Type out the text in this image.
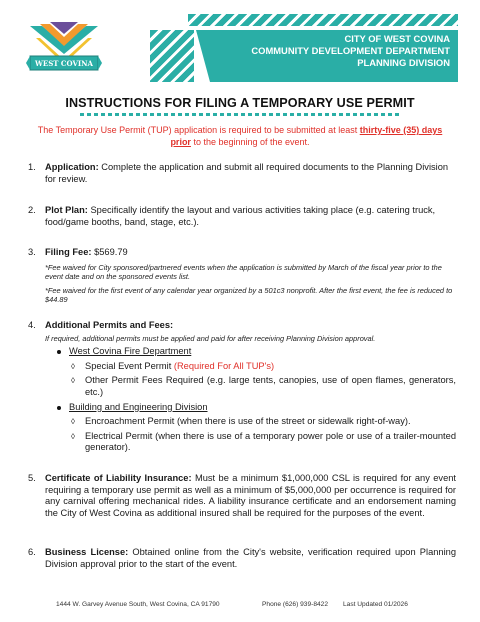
WEST COVINA
CITY OF WEST COVINA
COMMUNITY DEVELOPMENT DEPARTMENT
PLANNING DIVISION
INSTRUCTIONS FOR FILING A TEMPORARY USE PERMIT
The Temporary Use Permit (TUP) application is required to be submitted at least thirty-five (35) days prior to the beginning of the event.
1. Application: Complete the application and submit all required documents to the Planning Division for review.
2. Plot Plan: Specifically identify the layout and various activities taking place (e.g. catering truck, food/game booths, band, stage, etc.).
3. Filing Fee: $569.79
*Fee waived for City sponsored/partnered events when the application is submitted by March of the fiscal year prior to the event date and on the sponsored events list.
*Fee waived for the first event of any calendar year organized by a 501c3 nonprofit. After the first event, the fee is reduced to $44.89
4. Additional Permits and Fees:
If required, additional permits must be applied and paid for after receiving Planning Division approval.
West Covina Fire Department
◊ Special Event Permit (Required For All TUP's)
◊ Other Permit Fees Required (e.g. large tents, canopies, use of open flames, generators, etc.)
Building and Engineering Division
◊ Encroachment Permit (when there is use of the street or sidewalk right-of-way).
◊ Electrical Permit (when there is use of a temporary power pole or use of a trailer-mounted generator).
5. Certificate of Liability Insurance: Must be a minimum $1,000,000 CSL is required for any event requiring a temporary use permit as well as a minimum of $5,000,000 per occurrence is required for any carnival offering mechanical rides. A liability insurance certificate and an endorsement naming the City of West Covina as additional insured shall be required for the purposes of the event.
6. Business License: Obtained online from the City's website, verification required upon Planning Division approval prior to the start of the event.
1444 W. Garvey Avenue South, West Covina, CA 91790	Phone (626) 939-8422 Last Updated 01/2026
